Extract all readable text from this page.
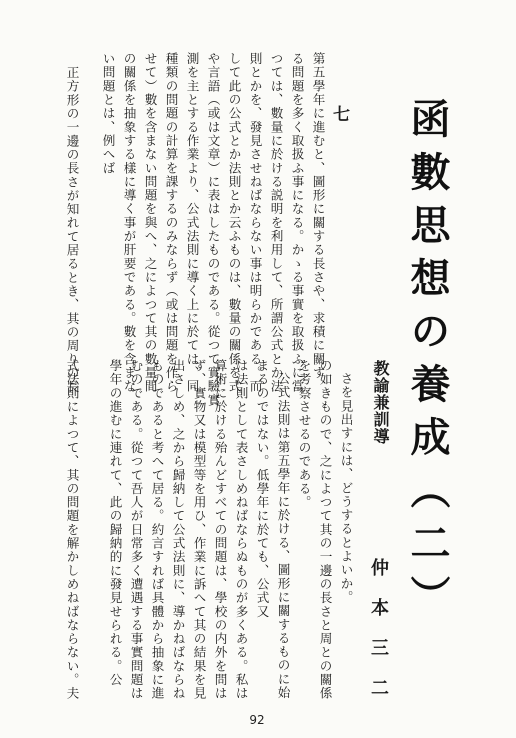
函數思想の養成（二）
教諭兼訓導
仲本三二
七
第五學年に進むと、圖形に關する長さや、求積に關す
る問題を多く取扱ふ事になる。かゝる事實を取扱ふに當
つては、數量に於ける説明を利用して、所謂公式とか法
則とかを、發見させねばならない事は明らかである。而
して此の公式とか法則とか云ふものは、數量の關係を式
や言語（或は文章）に表はしたものである。從つて實驗實
測を主とする作業より、公式法則に導く上に於ては、同
種類の問題の計算を課するのみならず（或は問題を作ら
せて）數を含まない問題を與へ、之によつて其の數量間
の關係を抽象する樣に導く事が肝要である。數を含まな
い問題とは、例へば
正方形の一邊の長さが知れて居るとき、其の周りの長
さを見出すには、どうするとよいか。
の如きもので、之によつて其の一邊の長さと周との關係
を考察させるのである。
公式法則は第五學年に於ける、圖形に關するものに始
まるのではない。低學年に於ても、公式又
は法則として表さしめねばならぬものが多くある。私は
算術に於ける殆んどすべての問題は、學校の内外を問は
ず、實物又は模型等を用ひ、作業に訴へて其の結果を見
出さしめ、之から歸納して公式法則に、導かねばならね
ものであると考へて居る。約言すれば具體から抽象に進
むのである。從つて吾人が日常多く遭遇する事實問題は
學年の進むに連れて、此の歸納的に發見せられる。公
式法則によつて、其の問題を解かしめねばならない。夫
92
